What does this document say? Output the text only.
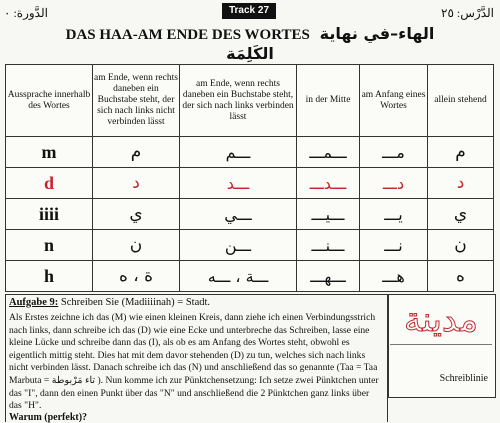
الدَّورة: ٠	Track 27	الدَّرْس: ٢٥
DAS HAA-AM ENDE DES WORTES الهاء–في نهاية الكَلِمَة
Aussprache innerhalb des Wortes	am Ende, wenn rechts daneben ein Buchstabe steht, der sich nach links nicht verbinden lässt	am Ende, wenn rechts daneben ein Buchstabe steht, der sich nach links verbinden lässt	in der Mitte	am Anfang eines Wortes	allein stehend
m	م	ـــم	ـــمـــ	مـــ	م
d	د	ـــد	ـــدـــ	دـــ	د
iiii	ي	ـــي	ـــيـــ	يـــ	ي
n	ن	ـــن	ـــنـــ	نـــ	ن
h	ة ، ه	ـــة ، ـــه	ـــهـــ	هـــ	ه
Aufgabe 9: Schreiben Sie (Madiiiinah) = Stadt.
Als Erstes zeichne ich das (M) wie einen kleinen Kreis, dann ziehe ich einen Verbindungsstrich nach links, dann schreibe ich das (D) wie eine Ecke und unterbreche das Schreiben, lasse eine kleine Lücke und schreibe dann das (I), als ob es am Anfang des Wortes steht, obwohl es eigentlich mittig steht. Dies hat mit dem davor stehenden (D) zu tun, welches sich nach links nicht verbinden lässt. Danach schreibe ich das (N) und anschließend das so genannte (Taa = Taa Marbuta = تاء مَرْبوطة ). Nun komme ich zur Pünktchensetzung: Ich setze zwei Pünktchen unter das "I", dann den einen Punkt über das "N" und anschließend die 2 Pünktchen ganz links über das "H".
Warum (perfekt)?
مدينة
Schreiblinie
